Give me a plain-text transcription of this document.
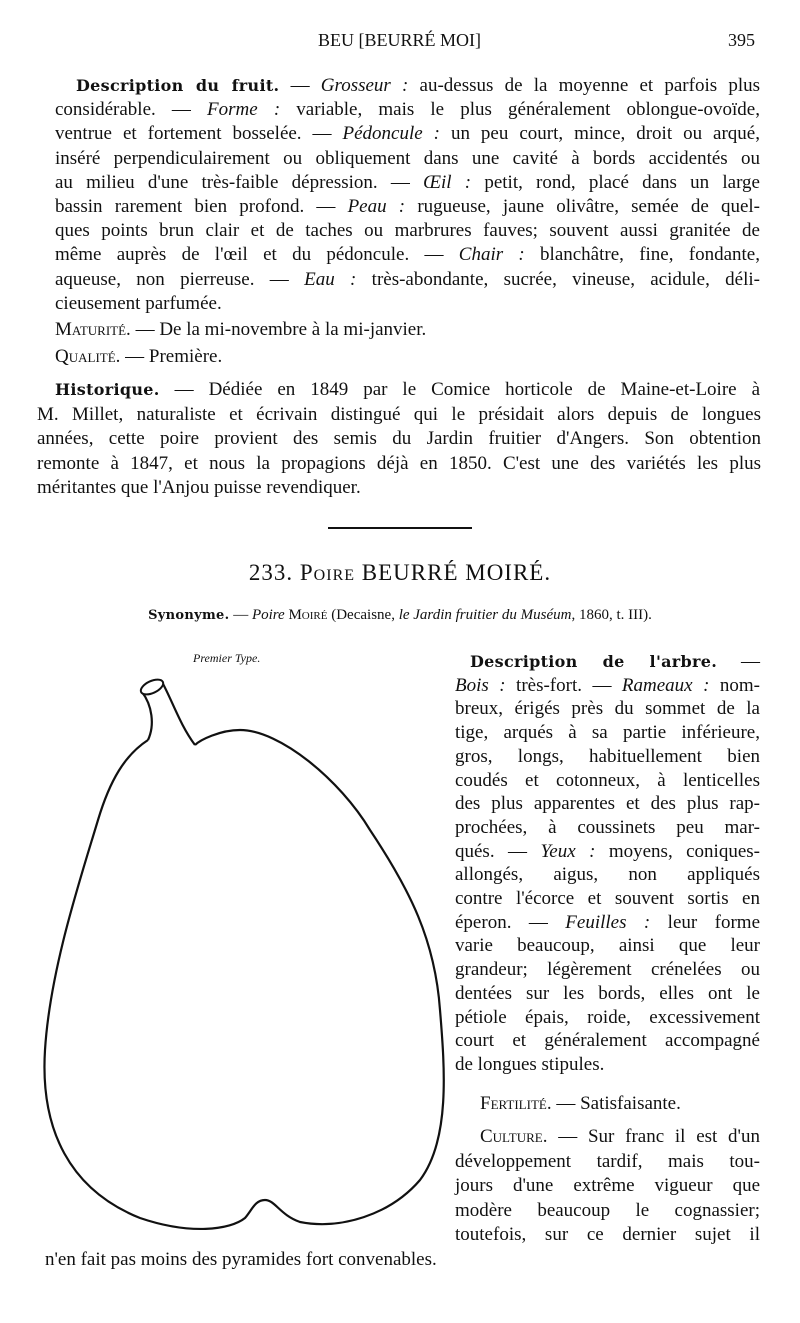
BEU [BEURRÉ MOI]	395
Description du fruit. — Grosseur : au-dessus de la moyenne et parfois plus
considérable. — Forme : variable, mais le plus généralement oblongue-ovoïde,
ventrue et fortement bosselée. — Pédoncule : un peu court, mince, droit ou arqué,
inséré perpendiculairement ou obliquement dans une cavité à bords accidentés ou
au milieu d'une très-faible dépression. — Œil : petit, rond, placé dans un large
bassin rarement bien profond. — Peau : rugueuse, jaune olivâtre, semée de quel-
ques points brun clair et de taches ou marbrures fauves; souvent aussi granitée de
même auprès de l'œil et du pédoncule. — Chair : blanchâtre, fine, fondante,
aqueuse, non pierreuse. — Eau : très-abondante, sucrée, vineuse, acidule, déli-
cieusement parfumée.
Maturité. — De la mi-novembre à la mi-janvier.
Qualité. — Première.
Historique. — Dédiée en 1849 par le Comice horticole de Maine-et-Loire à
M. Millet, naturaliste et écrivain distingué qui le présidait alors depuis de longues
années, cette poire provient des semis du Jardin fruitier d'Angers. Son obtention
remonte à 1847, et nous la propagions déjà en 1850. C'est une des variétés les plus
méritantes que l'Anjou puisse revendiquer.
Description de l'arbre. —
Bois : très-fort. — Rameaux : nom-
breux, érigés près du sommet de la
tige, arqués à sa partie inférieure,
gros, longs, habituellement bien
coudés et cotonneux, à lenticelles
des plus apparentes et des plus rap-
prochées, à coussinets peu mar-
qués. — Yeux : moyens, coniques-
allongés, aigus, non appliqués
contre l'écorce et souvent sortis en
éperon. — Feuilles : leur forme
varie beaucoup, ainsi que leur
grandeur; légèrement crénelées ou
dentées sur les bords, elles ont le
pétiole épais, roide, excessivement
court et généralement accompagné
de longues stipules.
Fertilité. — Satisfaisante.
Culture. — Sur franc il est d'un
développement tardif, mais tou-
jours d'une extrême vigueur que
modère beaucoup le cognassier;
toutefois, sur ce dernier sujet il
n'en fait pas moins des pyramides fort convenables.
233. Poire BEURRÉ MOIRÉ.
Synonyme. — Poire Moiré (Decaisne, le Jardin fruitier du Muséum, 1860, t. III).
Premier Type.
